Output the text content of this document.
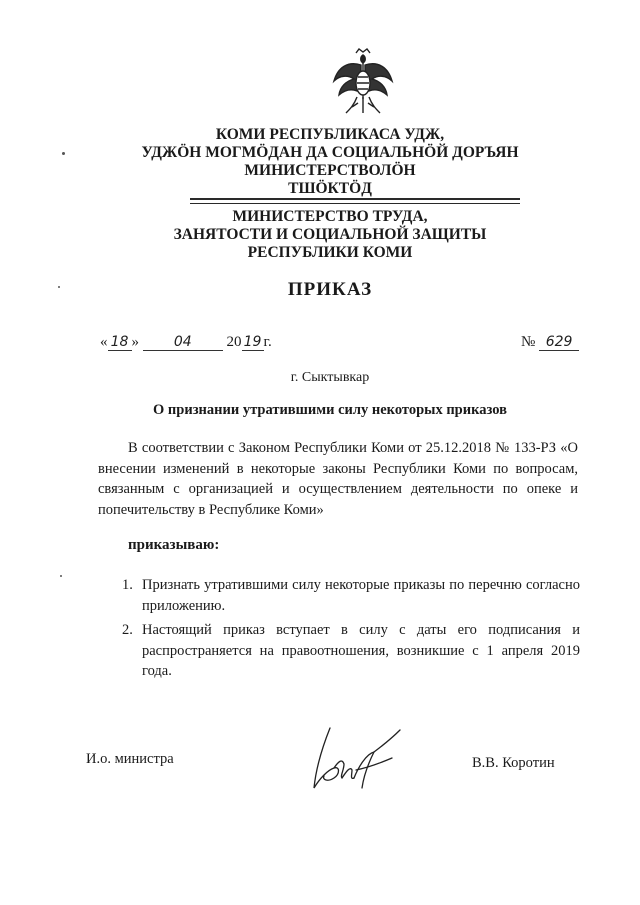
КОМИ РЕСПУБЛИКАСА УДЖ,
УДЖÖН МОГМÖДАН ДА СОЦИАЛЬНÖЙ ДОРЪЯН
МИНИСТЕРСТВОЛÖН
ТШÖКТÖД
МИНИСТЕРСТВО ТРУДА,
ЗАНЯТОСТИ И СОЦИАЛЬНОЙ ЗАЩИТЫ
РЕСПУБЛИКИ КОМИ
ПРИКАЗ
« 18 » 04 20 19 г.	№ 629
г. Сыктывкар
О признании утратившими силу некоторых приказов
В соответствии с Законом Республики Коми от 25.12.2018 № 133-РЗ «О внесении изменений в некоторые законы Республики Коми по вопросам, связанным с организацией и осуществлением деятельности по опеке и попечительству в Республике Коми»
приказываю:
1. Признать утратившими силу некоторые приказы по перечню согласно приложению.
2. Настоящий приказ вступает в силу с даты его подписания и распространяется на правоотношения, возникшие с 1 апреля 2019 года.
И.о. министра	В.В. Коротин
